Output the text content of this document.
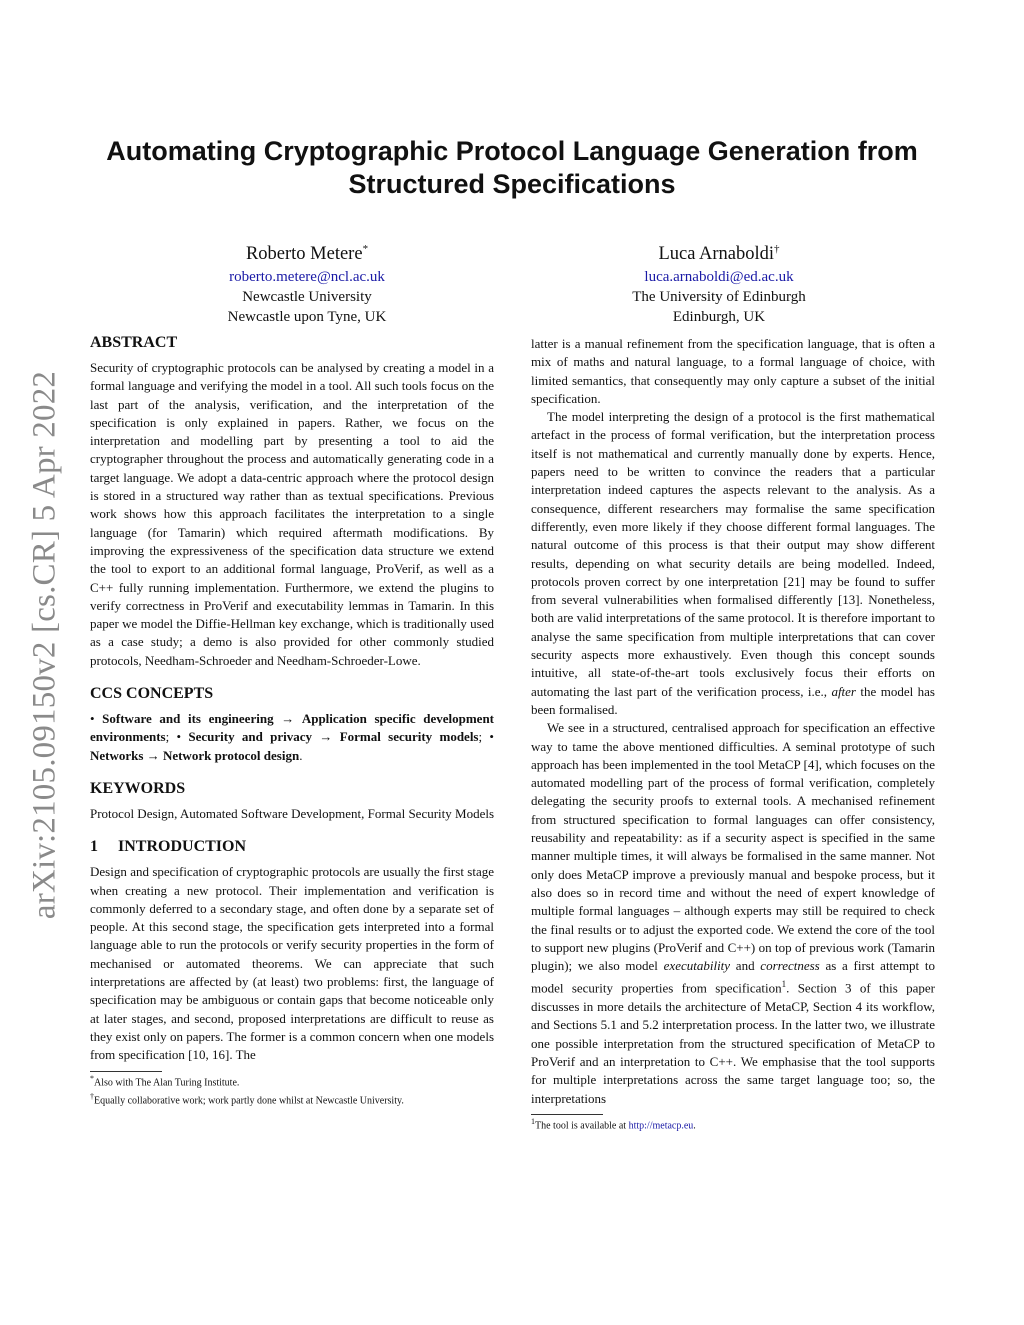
arXiv:2105.09150v2 [cs.CR] 5 Apr 2022
Automating Cryptographic Protocol Language Generation from
Structured Specifications
Roberto Metere*
roberto.metere@ncl.ac.uk
Newcastle University
Newcastle upon Tyne, UK
Luca Arnaboldi†
luca.arnaboldi@ed.ac.uk
The University of Edinburgh
Edinburgh, UK
ABSTRACT

Security of cryptographic protocols can be analysed by creating a model in a formal language and verifying the model in a tool. All such tools focus on the last part of the analysis, verification, and the interpretation of the specification is only explained in papers. Rather, we focus on the interpretation and modelling part by presenting a tool to aid the cryptographer throughout the process and automatically generating code in a target language. We adopt a data-centric approach where the protocol design is stored in a structured way rather than as textual specifications. Previous work shows how this approach facilitates the interpretation to a single language (for Tamarin) which required aftermath modifications. By improving the expressiveness of the specification data structure we extend the tool to export to an additional formal language, ProVerif, as well as a C++ fully running implementation. Furthermore, we extend the plugins to verify correctness in ProVerif and executability lemmas in Tamarin. In this paper we model the Diffie-Hellman key exchange, which is traditionally used as a case study; a demo is also provided for other commonly studied protocols, Needham-Schroeder and Needham-Schroeder-Lowe.

CCS CONCEPTS

• Software and its engineering → Application specific development environments; • Security and privacy → Formal security models; • Networks → Network protocol design.

KEYWORDS

Protocol Design, Automated Software Development, Formal Security Models

1 INTRODUCTION

Design and specification of cryptographic protocols are usually the first stage when creating a new protocol. Their implementation and verification is commonly deferred to a secondary stage, and often done by a separate set of people. At this second stage, the specification gets interpreted into a formal language able to run the protocols or verify security properties in the form of mechanised or automated theorems. We can appreciate that such interpretations are affected by (at least) two problems: first, the language of specification may be ambiguous or contain gaps that become noticeable only at later stages, and second, proposed interpretations are difficult to reuse as they exist only on papers. The former is a common concern when one models from specification [10, 16]. The

*Also with The Alan Turing Institute.
†Equally collaborative work; work partly done whilst at Newcastle University.

latter is a manual refinement from the specification language, that is often a mix of maths and natural language, to a formal language of choice, with limited semantics, that consequently may only capture a subset of the initial specification.

The model interpreting the design of a protocol is the first mathematical artefact in the process of formal verification, but the interpretation process itself is not mathematical and currently manually done by experts. Hence, papers need to be written to convince the readers that a particular interpretation indeed captures the aspects relevant to the analysis. As a consequence, different researchers may formalise the same specification differently, even more likely if they choose different formal languages. The natural outcome of this process is that their output may show different results, depending on what security details are being modelled. Indeed, protocols proven correct by one interpretation [21] may be found to suffer from several vulnerabilities when formalised differently [13]. Nonetheless, both are valid interpretations of the same protocol. It is therefore important to analyse the same specification from multiple interpretations that can cover security aspects more exhaustively. Even though this concept sounds intuitive, all state-of-the-art tools exclusively focus their efforts on automating the last part of the verification process, i.e., after the model has been formalised.

We see in a structured, centralised approach for specification an effective way to tame the above mentioned difficulties. A seminal prototype of such approach has been implemented in the tool MetaCP [4], which focuses on the automated modelling part of the process of formal verification, completely delegating the security proofs to external tools. A mechanised refinement from structured specification to formal languages can offer consistency, reusability and repeatability: as if a security aspect is specified in the same manner multiple times, it will always be formalised in the same manner. Not only does MetaCP improve a previously manual and bespoke process, but it also does so in record time and without the need of expert knowledge of multiple formal languages – although experts may still be required to check the final results or to adjust the exported code. We extend the core of the tool to support new plugins (ProVerif and C++) on top of previous work (Tamarin plugin); we also model executability and correctness as a first attempt to model security properties from specification$^1$. Section 3 of this paper discusses in more details the architecture of MetaCP, Section 4 its workflow, and Sections 5.1 and 5.2 interpretation process. In the latter two, we illustrate one possible interpretation from the structured specification of MetaCP to ProVerif and an interpretation to C++. We emphasise that the tool supports for multiple interpretations across the same target language too; so, the interpretations

$^1$The tool is available at http://metacp.eu.
